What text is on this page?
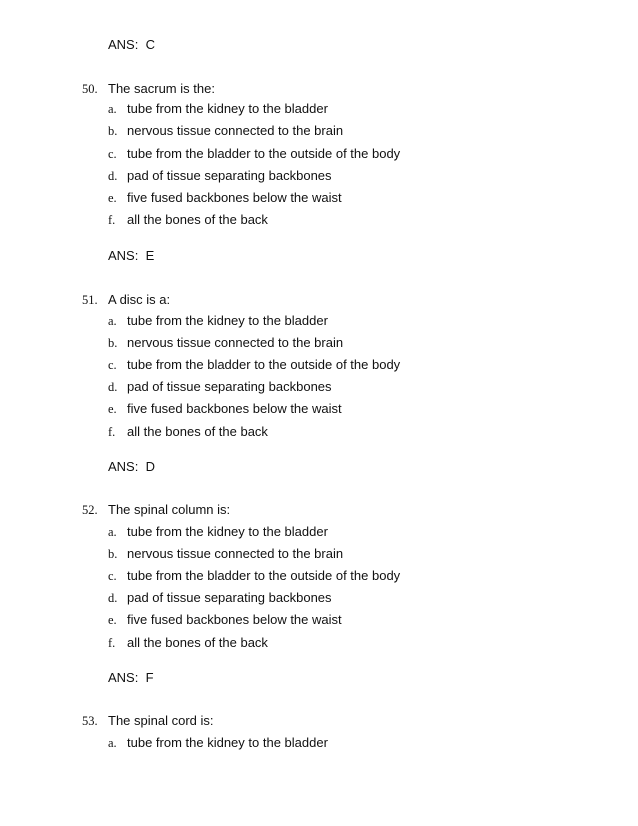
ANS: C
50. The sacrum is the:
a. tube from the kidney to the bladder
b. nervous tissue connected to the brain
c. tube from the bladder to the outside of the body
d. pad of tissue separating backbones
e. five fused backbones below the waist
f. all the bones of the back
ANS: E
51. A disc is a:
a. tube from the kidney to the bladder
b. nervous tissue connected to the brain
c. tube from the bladder to the outside of the body
d. pad of tissue separating backbones
e. five fused backbones below the waist
f. all the bones of the back
ANS: D
52. The spinal column is:
a. tube from the kidney to the bladder
b. nervous tissue connected to the brain
c. tube from the bladder to the outside of the body
d. pad of tissue separating backbones
e. five fused backbones below the waist
f. all the bones of the back
ANS: F
53. The spinal cord is:
a. tube from the kidney to the bladder
